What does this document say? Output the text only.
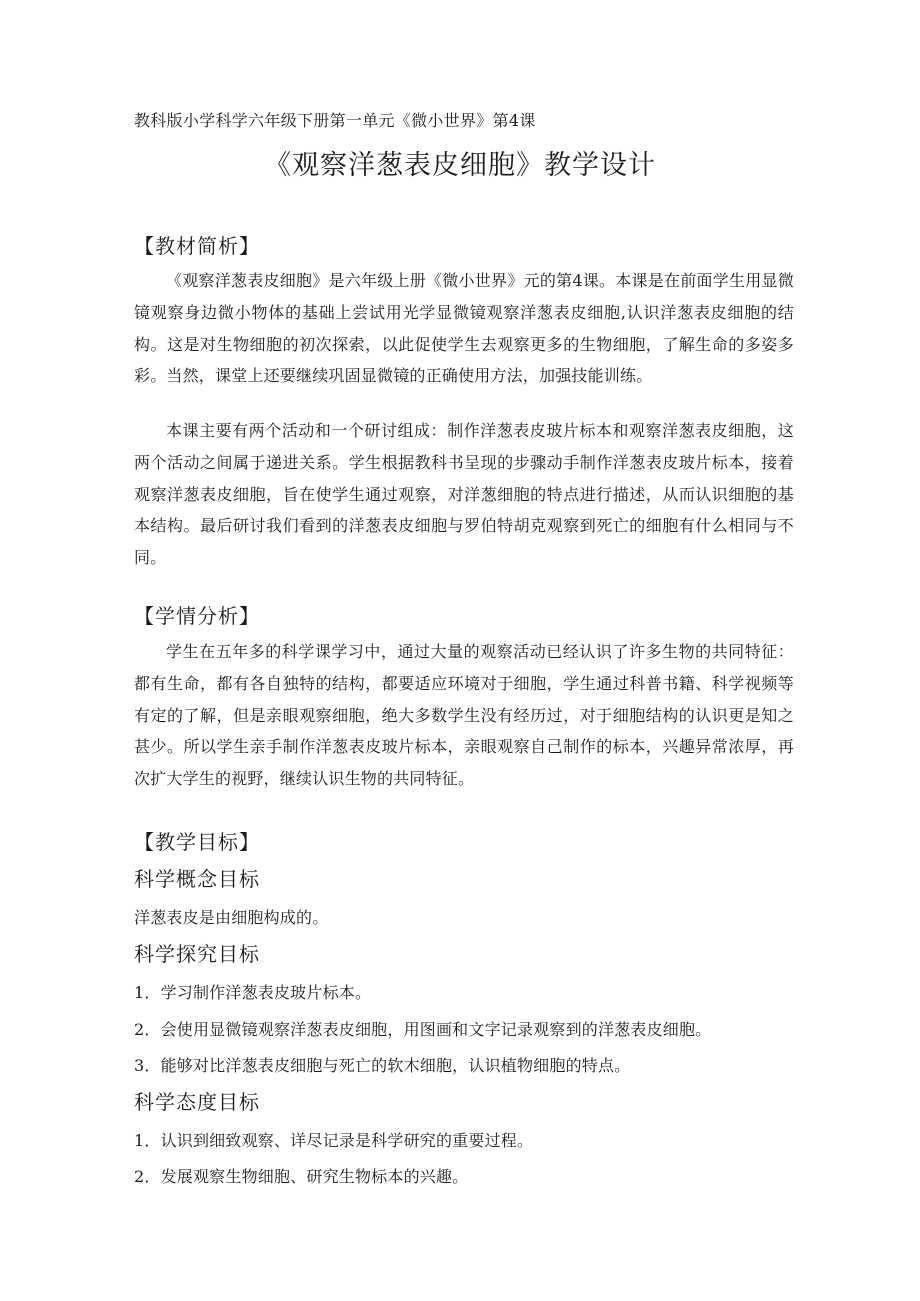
教科版小学科学六年级下册第一单元《微小世界》第4课

《观察洋葱表皮细胞》教学设计

【教材简析】

《观察洋葱表皮细胞》是六年级上册《微小世界》元的第4课。本课是在前面学生用显微镜观察身边微小物体的基础上尝试用光学显微镜观察洋葱表皮细胞,认识洋葱表皮细胞的结构。这是对生物细胞的初次探索，以此促使学生去观察更多的生物细胞，了解生命的多姿多彩。当然，课堂上还要继续巩固显微镜的正确使用方法，加强技能训练。

本课主要有两个活动和一个研讨组成：制作洋葱表皮玻片标本和观察洋葱表皮细胞，这两个活动之间属于递进关系。学生根据教科书呈现的步骤动手制作洋葱表皮玻片标本，接着观察洋葱表皮细胞，旨在使学生通过观察，对洋葱细胞的特点进行描述，从而认识细胞的基本结构。最后研讨我们看到的洋葱表皮细胞与罗伯特胡克观察到死亡的细胞有什么相同与不同。

【学情分析】

学生在五年多的科学课学习中，通过大量的观察活动已经认识了许多生物的共同特征：都有生命，都有各自独特的结构，都要适应环境对于细胞，学生通过科普书籍、科学视频等有定的了解，但是亲眼观察细胞，绝大多数学生没有经历过，对于细胞结构的认识更是知之甚少。所以学生亲手制作洋葱表皮玻片标本，亲眼观察自己制作的标本，兴趣异常浓厚，再次扩大学生的视野，继续认识生物的共同特征。

【教学目标】

科学概念目标

洋葱表皮是由细胞构成的。

科学探究目标

1．学习制作洋葱表皮玻片标本。

2．会使用显微镜观察洋葱表皮细胞，用图画和文字记录观察到的洋葱表皮细胞。

3．能够对比洋葱表皮细胞与死亡的软木细胞，认识植物细胞的特点。

科学态度目标

1．认识到细致观察、详尽记录是科学研究的重要过程。

2．发展观察生物细胞、研究生物标本的兴趣。
